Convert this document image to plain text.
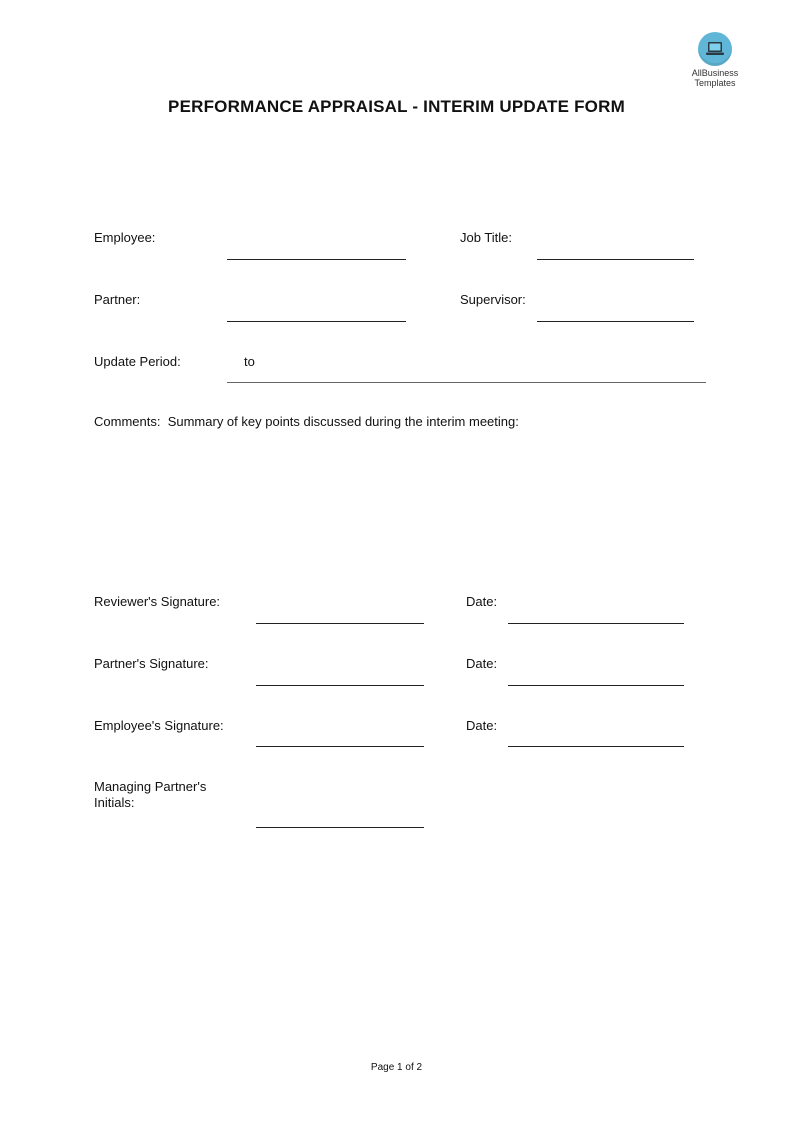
AllBusiness
Templates
PERFORMANCE APPRAISAL - INTERIM UPDATE FORM
Employee:	Job Title:
Partner:	Supervisor:
Update Period:	to
Comments: Summary of key points discussed during the interim meeting:
Reviewer's Signature:	Date:
Partner's Signature:	Date:
Employee's Signature:	Date:
Managing Partner's
Initials:
Page 1 of 2
